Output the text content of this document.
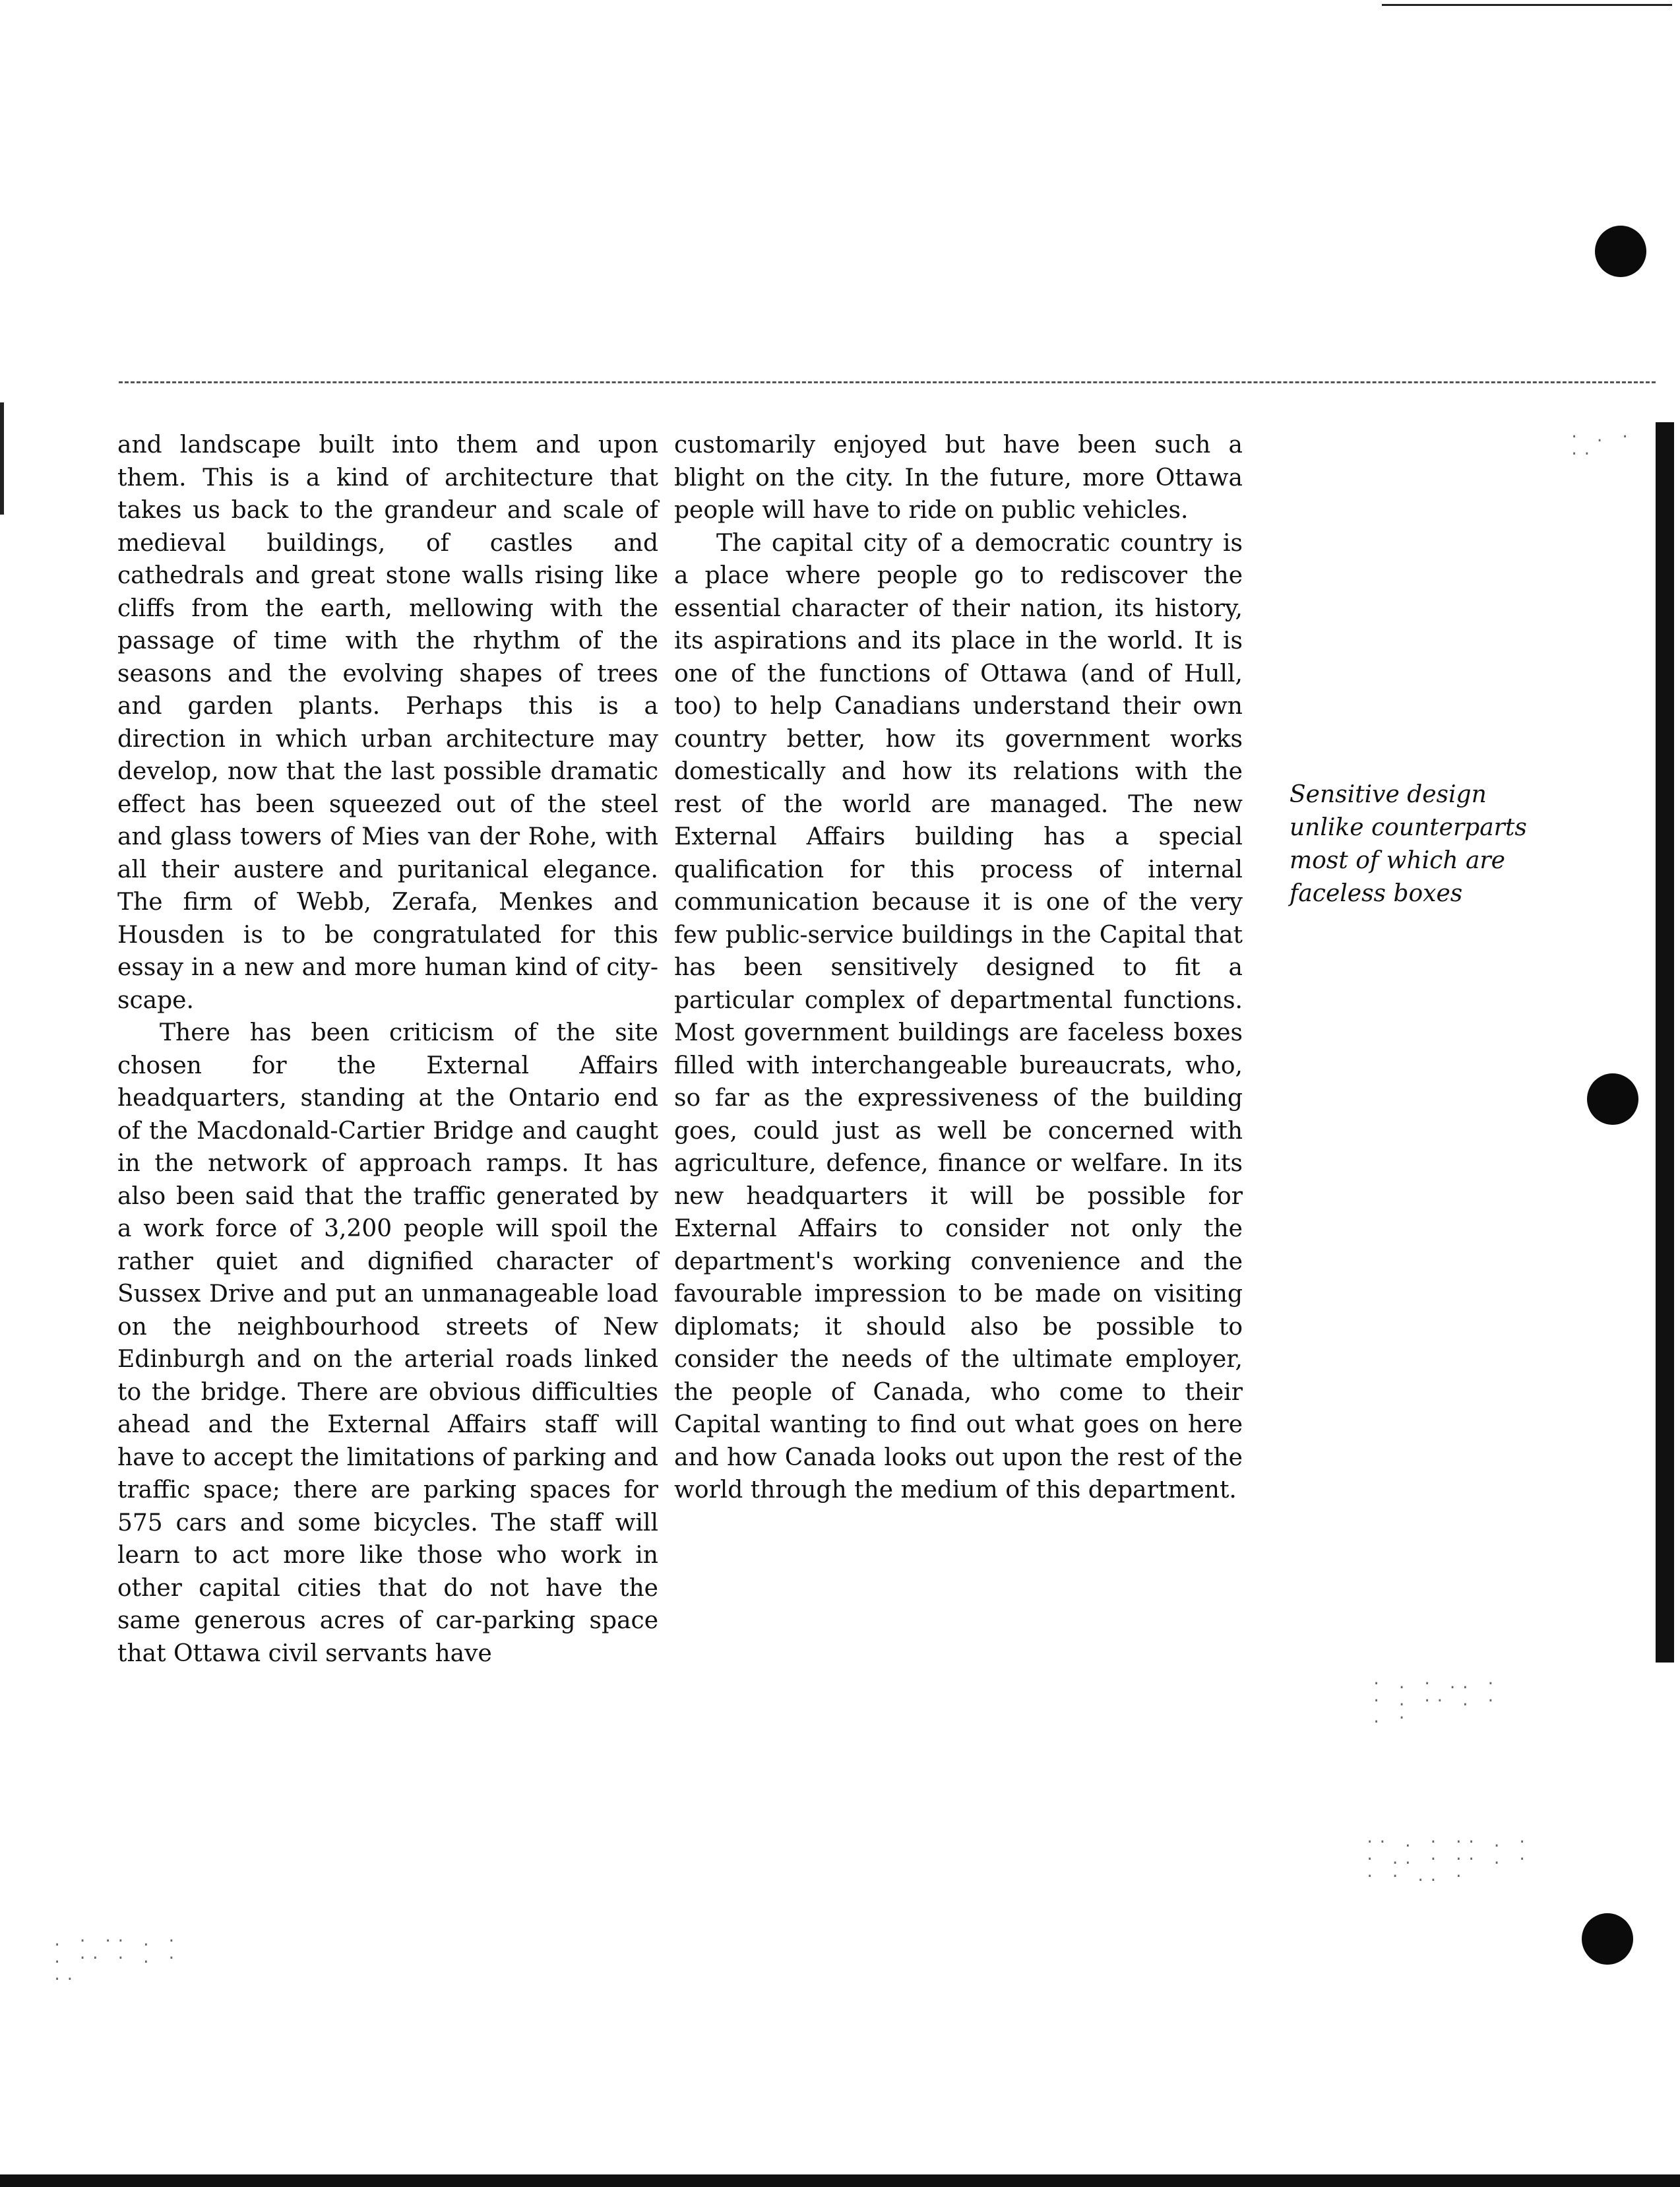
· . · .. · · . ·· . · . ·
·· . · ·· . · · .. · ·· . · · · .. ·
. · ·· . · . ·· · . · ..
· . · ··

and landscape built into them and upon them. This is a kind of architecture that takes us back to the grandeur and scale of medieval buildings, of castles and cathedrals and great stone walls rising like cliffs from the earth, mellowing with the passage of time with the rhythm of the seasons and the evolving shapes of trees and garden plants. Perhaps this is a direction in which urban architecture may develop, now that the last possible dramatic effect has been squeezed out of the steel and glass towers of Mies van der Rohe, with all their austere and puritanical elegance. The firm of Webb, Zerafa, Menkes and Housden is to be congratulated for this essay in a new and more human kind of city-scape.

There has been criticism of the site chosen for the External Affairs headquarters, standing at the Ontario end of the Macdonald-Cartier Bridge and caught in the network of approach ramps. It has also been said that the traffic generated by a work force of 3,200 people will spoil the rather quiet and dignified character of Sussex Drive and put an unmanageable load on the neighbourhood streets of New Edinburgh and on the arterial roads linked to the bridge. There are obvious difficulties ahead and the External Affairs staff will have to accept the limitations of parking and traffic space; there are parking spaces for 575 cars and some bicycles. The staff will learn to act more like those who work in other capital cities that do not have the same generous acres of car-parking space that Ottawa civil servants have

customarily enjoyed but have been such a blight on the city. In the future, more Ottawa people will have to ride on public vehicles.

The capital city of a democratic country is a place where people go to rediscover the essential character of their nation, its history, its aspirations and its place in the world. It is one of the functions of Ottawa (and of Hull, too) to help Canadians understand their own country better, how its government works domestically and how its relations with the rest of the world are managed. The new External Affairs building has a special qualification for this process of internal communication because it is one of the very few public-service buildings in the Capital that has been sensitively designed to fit a particular complex of departmental functions. Most government buildings are faceless boxes filled with interchangeable bureaucrats, who, so far as the expressiveness of the building goes, could just as well be concerned with agriculture, defence, finance or welfare. In its new headquarters it will be possible for External Affairs to consider not only the department's working convenience and the favourable impression to be made on visiting diplomats; it should also be possible to consider the needs of the ultimate employer, the people of Canada, who come to their Capital wanting to find out what goes on here and how Canada looks out upon the rest of the world through the medium of this department.

Sensitive design unlike counterparts most of which are faceless boxes
